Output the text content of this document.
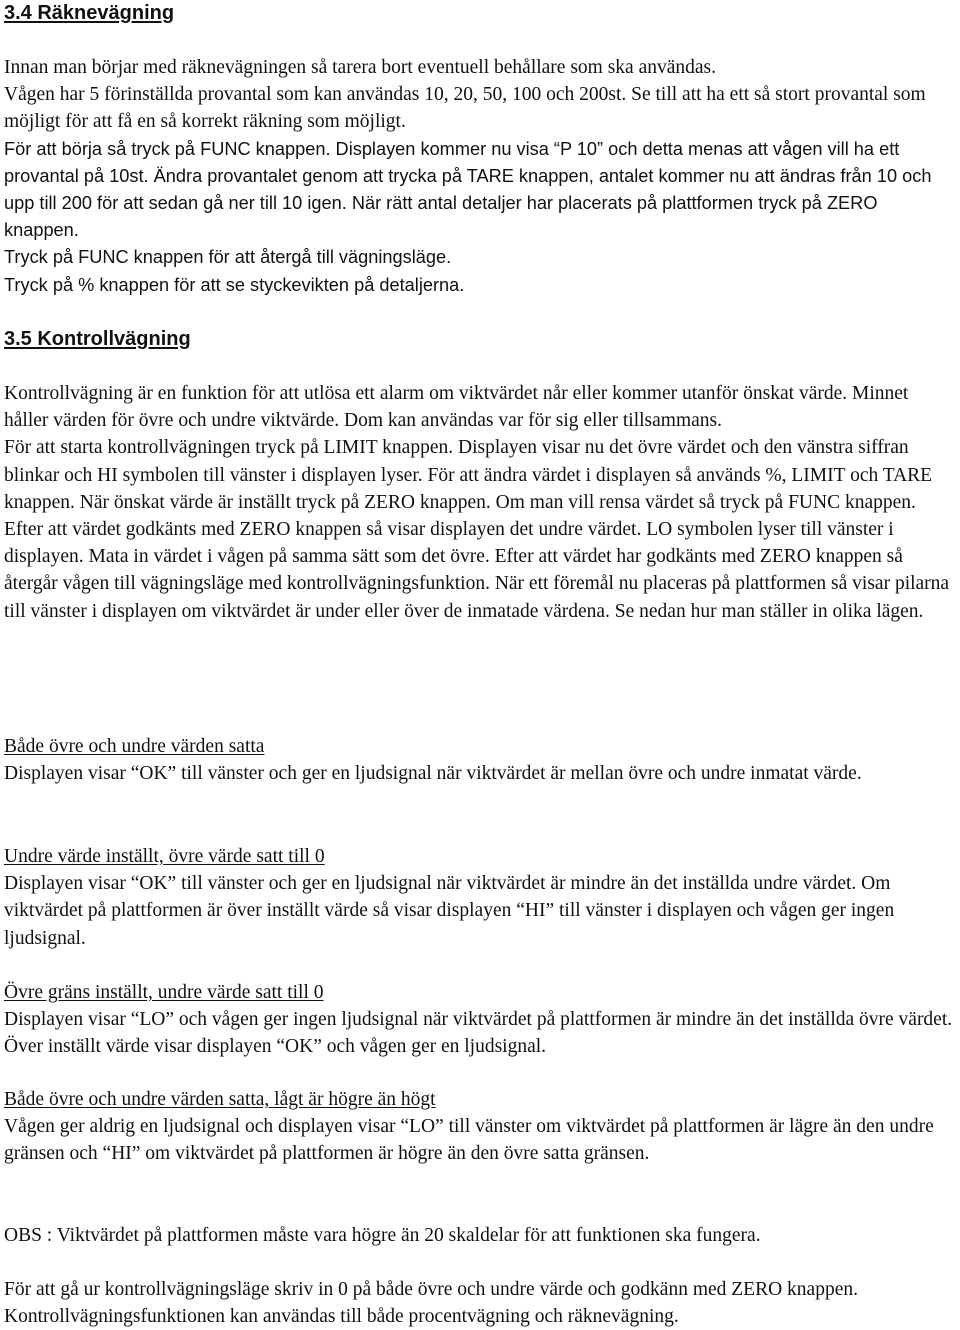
3.4 Räknevägning

Innan man börjar med räknevägningen så tarera bort eventuell behållare som ska användas.

Vågen har 5 förinställda provantal som kan användas 10, 20, 50, 100 och 200st. Se till att ha ett så stort provantal som möjligt för att få en så korrekt räkning som möjligt.

För att börja så tryck på FUNC knappen. Displayen kommer nu visa “P 10” och detta menas att vågen vill ha ett provantal på 10st. Ändra provantalet genom att trycka på TARE knappen, antalet kommer nu att ändras från 10 och upp till 200 för att sedan gå ner till 10 igen. När rätt antal detaljer har placerats på plattformen tryck på ZERO knappen.

Tryck på FUNC knappen för att återgå till vägningsläge.

Tryck på % knappen för att se styckevikten på detaljerna.

3.5 Kontrollvägning

Kontrollvägning är en funktion för att utlösa ett alarm om viktvärdet når eller kommer utanför önskat värde. Minnet håller värden för övre och undre viktvärde. Dom kan användas var för sig eller tillsammans.

För att starta kontrollvägningen tryck på LIMIT knappen. Displayen visar nu det övre värdet och den vänstra siffran blinkar och HI symbolen till vänster i displayen lyser. För att ändra värdet i displayen så används %, LIMIT och TARE knappen. När önskat värde är inställt tryck på ZERO knappen. Om man vill rensa värdet så tryck på FUNC knappen.

Efter att värdet godkänts med ZERO knappen så visar displayen det undre värdet. LO symbolen lyser till vänster i displayen. Mata in värdet i vågen på samma sätt som det övre. Efter att värdet har godkänts med ZERO knappen så återgår vågen till vägningsläge med kontrollvägningsfunktion. När ett föremål nu placeras på plattformen så visar pilarna till vänster i displayen om viktvärdet är under eller över de inmatade värdena. Se nedan hur man ställer in olika lägen.

Både övre och undre värden satta

Displayen visar “OK” till vänster och ger en ljudsignal när viktvärdet är mellan övre och undre inmatat värde.

Undre värde inställt, övre värde satt till 0

Displayen visar “OK” till vänster och ger en ljudsignal när viktvärdet är mindre än det inställda undre värdet. Om viktvärdet på plattformen är över inställt värde så visar displayen “HI” till vänster i displayen och vågen ger ingen ljudsignal.

Övre gräns inställt, undre värde satt till 0

Displayen visar “LO” och vågen ger ingen ljudsignal när viktvärdet på plattformen är mindre än det inställda övre värdet. Över inställt värde visar displayen “OK” och vågen ger en ljudsignal.

Både övre och undre värden satta, lågt är högre än högt

Vågen ger aldrig en ljudsignal och displayen visar “LO” till vänster om viktvärdet på plattformen är lägre än den undre gränsen och “HI” om viktvärdet på plattformen är högre än den övre satta gränsen.

OBS : Viktvärdet på plattformen måste vara högre än 20 skaldelar för att funktionen ska fungera.

För att gå ur kontrollvägningsläge skriv in 0 på både övre och undre värde och godkänn med ZERO knappen. Kontrollvägningsfunktionen kan användas till både procentvägning och räknevägning.
